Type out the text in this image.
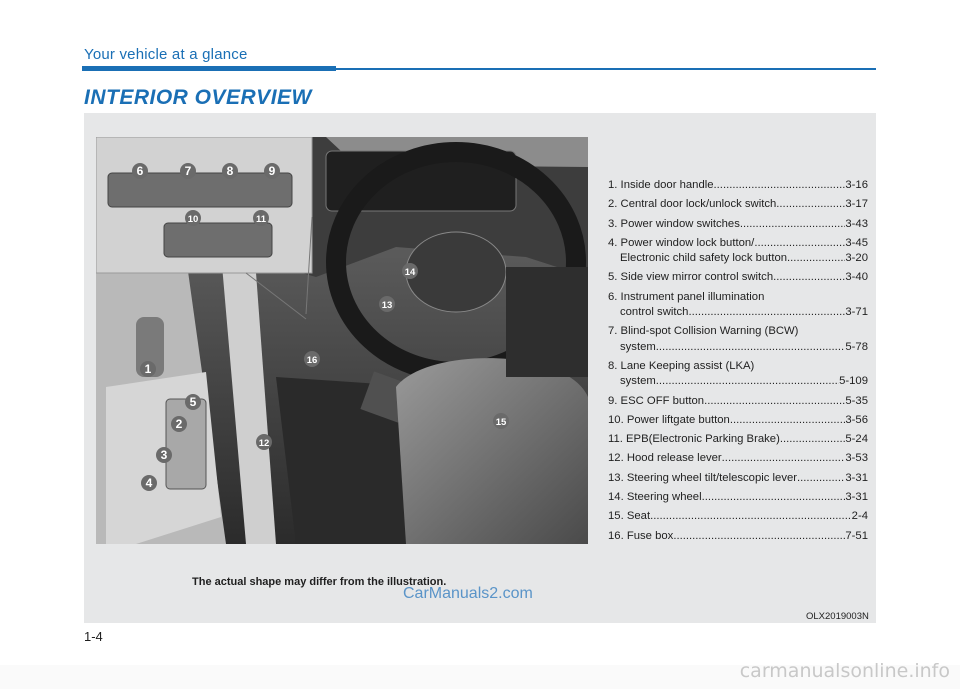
Your vehicle at a glance
INTERIOR OVERVIEW
1
2
3
4
5
6	7	8	9
10	11
12
13
14
15
16
1. Inside door handle .....	3-16
2. Central door lock/unlock switch .....	3-17
3. Power window switches .....	3-43
4. Power window lock button/ .....	3-45
Electronic child safety lock button .....	3-20
5. Side view mirror control switch .....	3-40
6. Instrument panel illumination
control switch .....	3-71
7. Blind-spot Collision Warning (BCW)
system .....	5-78
8. Lane Keeping assist (LKA)
system .....	5-109
9. ESC OFF button .....	5-35
10. Power liftgate button .....	3-56
11. EPB(Electronic Parking Brake) .....	5-24
12. Hood release lever .....	3-53
13. Steering wheel tilt/telescopic lever .....	3-31
14. Steering wheel .....	3-31
15. Seat .....	2-4
16. Fuse box .....	7-51
The actual shape may differ from the illustration.
CarManuals2.com
OLX2019003N
1-4
carmanualsonline.info
